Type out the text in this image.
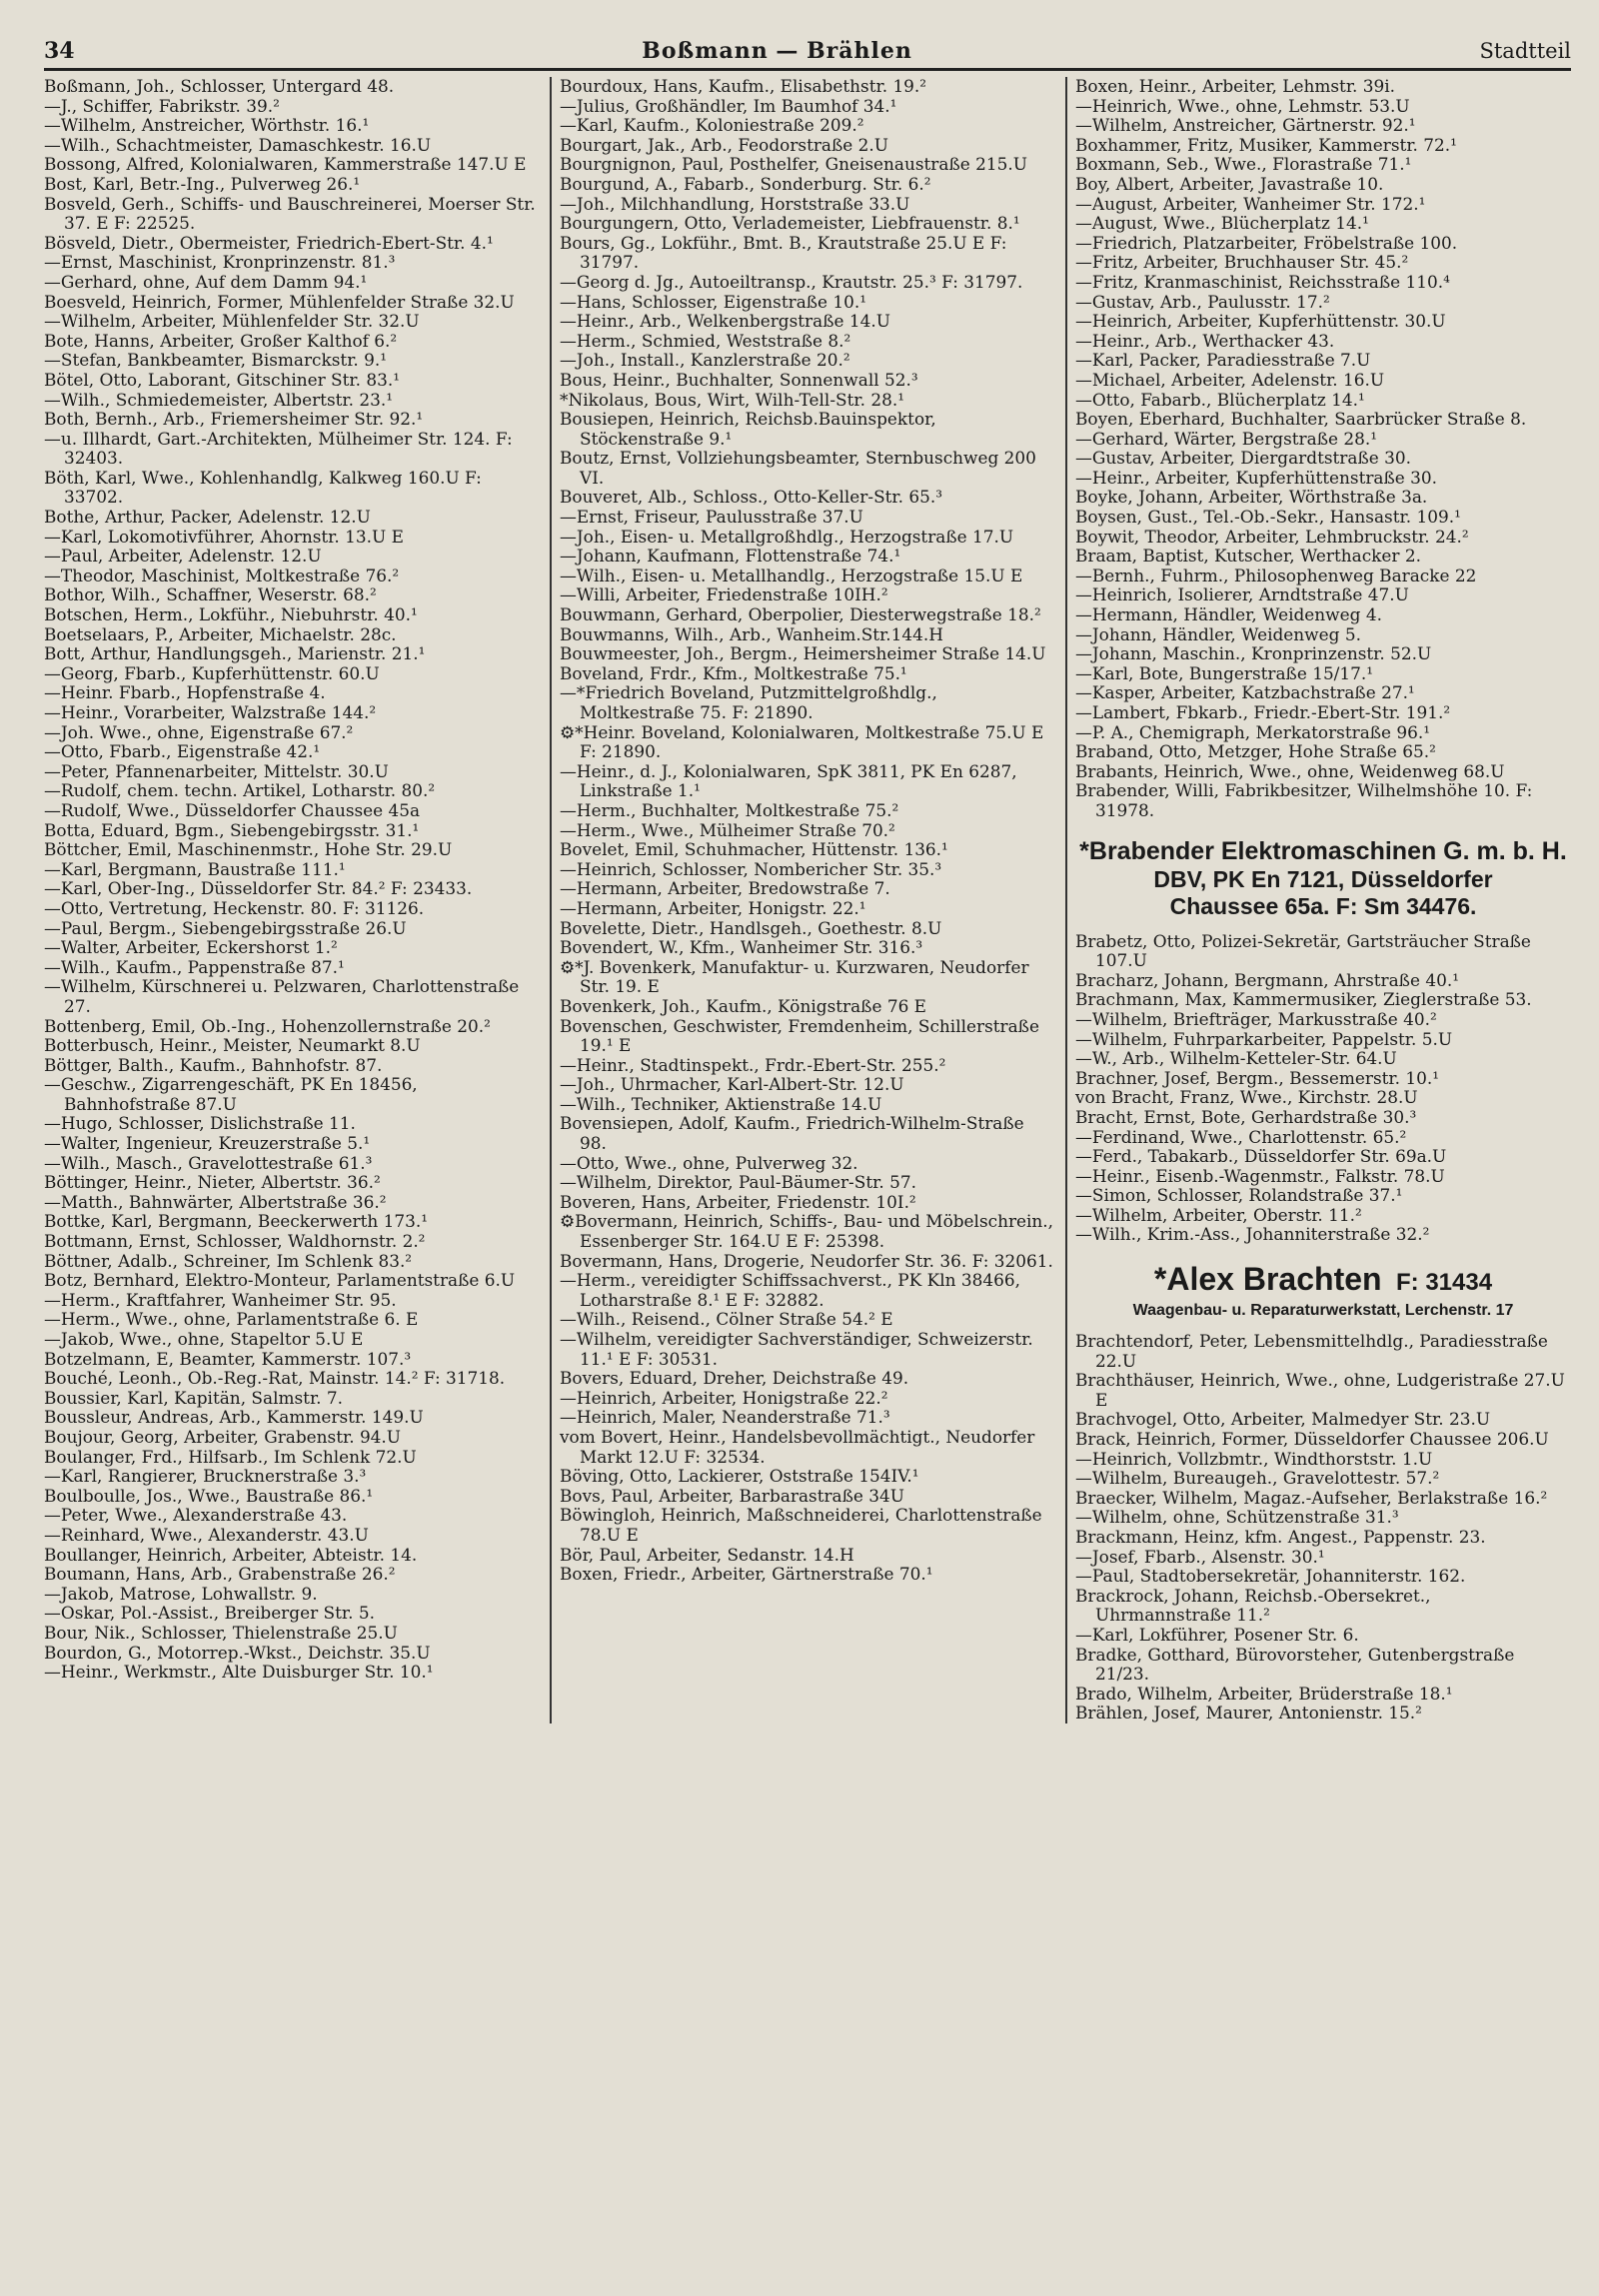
34	Boßmann — Brählen	Stadtteil
Boßmann, Joh., Schlosser, Untergard 48.
—J., Schiffer, Fabrikstr. 39.²
—Wilhelm, Anstreicher, Wörthstr. 16.¹
—Wilh., Schachtmeister, Damaschkestr. 16.U
Bossong, Alfred, Kolonialwaren, Kammerstraße 147.U E
Bost, Karl, Betr.-Ing., Pulverweg 26.¹
Bosveld, Gerh., Schiffs- und Bauschreinerei, Moerser Str. 37. E F: 22525.
Bösveld, Dietr., Obermeister, Friedrich-Ebert-Str. 4.¹
—Ernst, Maschinist, Kronprinzenstr. 81.³
—Gerhard, ohne, Auf dem Damm 94.¹
Boesveld, Heinrich, Former, Mühlenfelder Straße 32.U
—Wilhelm, Arbeiter, Mühlenfelder Str. 32.U
Bote, Hanns, Arbeiter, Großer Kalthof 6.²
—Stefan, Bankbeamter, Bismarckstr. 9.¹
Bötel, Otto, Laborant, Gitschiner Str. 83.¹
—Wilh., Schmiedemeister, Albertstr. 23.¹
Both, Bernh., Arb., Friemersheimer Str. 92.¹
—u. Illhardt, Gart.-Architekten, Mülheimer Str. 124. F: 32403.
Böth, Karl, Wwe., Kohlenhandlg, Kalkweg 160.U F: 33702.
Bothe, Arthur, Packer, Adelenstr. 12.U
—Karl, Lokomotivführer, Ahornstr. 13.U E
—Paul, Arbeiter, Adelenstr. 12.U
—Theodor, Maschinist, Moltkestraße 76.²
Bothor, Wilh., Schaffner, Weserstr. 68.²
Botschen, Herm., Lokführ., Niebuhrstr. 40.¹
Boetselaars, P., Arbeiter, Michaelstr. 28c.
Bott, Arthur, Handlungsgeh., Marienstr. 21.¹
—Georg, Fbarb., Kupferhüttenstr. 60.U
—Heinr. Fbarb., Hopfenstraße 4.
—Heinr., Vorarbeiter, Walzstraße 144.²
—Joh. Wwe., ohne, Eigenstraße 67.²
—Otto, Fbarb., Eigenstraße 42.¹
—Peter, Pfannenarbeiter, Mittelstr. 30.U
—Rudolf, chem. techn. Artikel, Lotharstr. 80.²
—Rudolf, Wwe., Düsseldorfer Chaussee 45a
Botta, Eduard, Bgm., Siebengebirgsstr. 31.¹
Böttcher, Emil, Maschinenmstr., Hohe Str. 29.U
—Karl, Bergmann, Baustraße 111.¹
—Karl, Ober-Ing., Düsseldorfer Str. 84.² F: 23433.
—Otto, Vertretung, Heckenstr. 80. F: 31126.
—Paul, Bergm., Siebengebirgsstraße 26.U
—Walter, Arbeiter, Eckershorst 1.²
—Wilh., Kaufm., Pappenstraße 87.¹
—Wilhelm, Kürschnerei u. Pelzwaren, Charlottenstraße 27.
Bottenberg, Emil, Ob.-Ing., Hohenzollernstraße 20.²
Botterbusch, Heinr., Meister, Neumarkt 8.U
Böttger, Balth., Kaufm., Bahnhofstr. 87.
—Geschw., Zigarrengeschäft, PK En 18456, Bahnhofstraße 87.U
—Hugo, Schlosser, Dislichstraße 11.
—Walter, Ingenieur, Kreuzerstraße 5.¹
—Wilh., Masch., Gravelottestraße 61.³
Böttinger, Heinr., Nieter, Albertstr. 36.²
—Matth., Bahnwärter, Albertstraße 36.²
Bottke, Karl, Bergmann, Beeckerwerth 173.¹
Bottmann, Ernst, Schlosser, Waldhornstr. 2.²
Böttner, Adalb., Schreiner, Im Schlenk 83.²
Botz, Bernhard, Elektro-Monteur, Parlamentstraße 6.U
—Herm., Kraftfahrer, Wanheimer Str. 95.
—Herm., Wwe., ohne, Parlamentstraße 6. E
—Jakob, Wwe., ohne, Stapeltor 5.U E
Botzelmann, E, Beamter, Kammerstr. 107.³
Bouché, Leonh., Ob.-Reg.-Rat, Mainstr. 14.² F: 31718.
Boussier, Karl, Kapitän, Salmstr. 7.
Boussleur, Andreas, Arb., Kammerstr. 149.U
Boujour, Georg, Arbeiter, Grabenstr. 94.U
Boulanger, Frd., Hilfsarb., Im Schlenk 72.U
—Karl, Rangierer, Brucknerstraße 3.³
Boulboulle, Jos., Wwe., Baustraße 86.¹
—Peter, Wwe., Alexanderstraße 43.
—Reinhard, Wwe., Alexanderstr. 43.U
Boullanger, Heinrich, Arbeiter, Abteistr. 14.
Boumann, Hans, Arb., Grabenstraße 26.²
—Jakob, Matrose, Lohwallstr. 9.
—Oskar, Pol.-Assist., Breiberger Str. 5.
Bour, Nik., Schlosser, Thielenstraße 25.U
Bourdon, G., Motorrep.-Wkst., Deichstr. 35.U
—Heinr., Werkmstr., Alte Duisburger Str. 10.¹
Bourdoux, Hans, Kaufm., Elisabethstr. 19.²
—Julius, Großhändler, Im Baumhof 34.¹
—Karl, Kaufm., Koloniestraße 209.²
Bourgart, Jak., Arb., Feodorstraße 2.U
Bourgnignon, Paul, Posthelfer, Gneisenaustraße 215.U
Bourgund, A., Fabarb., Sonderburg. Str. 6.²
—Joh., Milchhandlung, Horststraße 33.U
Bourgungern, Otto, Verlademeister, Liebfrauenstr. 8.¹
Bours, Gg., Lokführ., Bmt. B., Krautstraße 25.U E F: 31797.
—Georg d. Jg., Autoeiltransp., Krautstr. 25.³ F: 31797.
—Hans, Schlosser, Eigenstraße 10.¹
—Heinr., Arb., Welkenbergstraße 14.U
—Herm., Schmied, Weststraße 8.²
—Joh., Install., Kanzlerstraße 20.²
Bous, Heinr., Buchhalter, Sonnenwall 52.³
*Nikolaus, Bous, Wirt, Wilh-Tell-Str. 28.¹
Bousiepen, Heinrich, Reichsb.Bauinspektor, Stöckenstraße 9.¹
Boutz, Ernst, Vollziehungsbeamter, Sternbuschweg 200 VI.
Bouveret, Alb., Schloss., Otto-Keller-Str. 65.³
—Ernst, Friseur, Paulusstraße 37.U
—Joh., Eisen- u. Metallgroßhdlg., Herzogstraße 17.U
—Johann, Kaufmann, Flottenstraße 74.¹
—Wilh., Eisen- u. Metallhandlg., Herzogstraße 15.U E
—Willi, Arbeiter, Friedenstraße 10IH.²
Bouwmann, Gerhard, Oberpolier, Diesterwegstraße 18.²
Bouwmanns, Wilh., Arb., Wanheim.Str.144.H
Bouwmeester, Joh., Bergm., Heimersheimer Straße 14.U
Boveland, Frdr., Kfm., Moltkestraße 75.¹
—*Friedrich Boveland, Putzmittelgroßhdlg., Moltkestraße 75. F: 21890.
⚙*Heinr. Boveland, Kolonialwaren, Moltkestraße 75.U E F: 21890.
—Heinr., d. J., Kolonialwaren, SpK 3811, PK En 6287, Linkstraße 1.¹
—Herm., Buchhalter, Moltkestraße 75.²
—Herm., Wwe., Mülheimer Straße 70.²
Bovelet, Emil, Schuhmacher, Hüttenstr. 136.¹
—Heinrich, Schlosser, Nombericher Str. 35.³
—Hermann, Arbeiter, Bredowstraße 7.
—Hermann, Arbeiter, Honigstr. 22.¹
Bovelette, Dietr., Handlsgeh., Goethestr. 8.U
Bovendert, W., Kfm., Wanheimer Str. 316.³
⚙*J. Bovenkerk, Manufaktur- u. Kurzwaren, Neudorfer Str. 19. E
Bovenkerk, Joh., Kaufm., Königstraße 76 E
Bovenschen, Geschwister, Fremdenheim, Schillerstraße 19.¹ E
—Heinr., Stadtinspekt., Frdr.-Ebert-Str. 255.²
—Joh., Uhrmacher, Karl-Albert-Str. 12.U
—Wilh., Techniker, Aktienstraße 14.U
Bovensiepen, Adolf, Kaufm., Friedrich-Wilhelm-Straße 98.
—Otto, Wwe., ohne, Pulverweg 32.
—Wilhelm, Direktor, Paul-Bäumer-Str. 57.
Boveren, Hans, Arbeiter, Friedenstr. 10I.²
⚙Bovermann, Heinrich, Schiffs-, Bau- und Möbelschrein., Essenberger Str. 164.U E F: 25398.
Bovermann, Hans, Drogerie, Neudorfer Str. 36. F: 32061.
—Herm., vereidigter Schiffssachverst., PK Kln 38466, Lotharstraße 8.¹ E F: 32882.
—Wilh., Reisend., Cölner Straße 54.² E
—Wilhelm, vereidigter Sachverständiger, Schweizerstr. 11.¹ E F: 30531.
Bovers, Eduard, Dreher, Deichstraße 49.
—Heinrich, Arbeiter, Honigstraße 22.²
—Heinrich, Maler, Neanderstraße 71.³
vom Bovert, Heinr., Handelsbevollmächtigt., Neudorfer Markt 12.U F: 32534.
Böving, Otto, Lackierer, Oststraße 154IV.¹
Bovs, Paul, Arbeiter, Barbarastraße 34U
Böwingloh, Heinrich, Maßschneiderei, Charlottenstraße 78.U E
Bör, Paul, Arbeiter, Sedanstr. 14.H
Boxen, Friedr., Arbeiter, Gärtnerstraße 70.¹
Boxen, Heinr., Arbeiter, Lehmstr. 39i.
—Heinrich, Wwe., ohne, Lehmstr. 53.U
—Wilhelm, Anstreicher, Gärtnerstr. 92.¹
Boxhammer, Fritz, Musiker, Kammerstr. 72.¹
Boxmann, Seb., Wwe., Florastraße 71.¹
Boy, Albert, Arbeiter, Javastraße 10.
—August, Arbeiter, Wanheimer Str. 172.¹
—August, Wwe., Blücherplatz 14.¹
—Friedrich, Platzarbeiter, Fröbelstraße 100.
—Fritz, Arbeiter, Bruchhauser Str. 45.²
—Fritz, Kranmaschinist, Reichsstraße 110.⁴
—Gustav, Arb., Paulusstr. 17.²
—Heinrich, Arbeiter, Kupferhüttenstr. 30.U
—Heinr., Arb., Werthacker 43.
—Karl, Packer, Paradiesstraße 7.U
—Michael, Arbeiter, Adelenstr. 16.U
—Otto, Fabarb., Blücherplatz 14.¹
Boyen, Eberhard, Buchhalter, Saarbrücker Straße 8.
—Gerhard, Wärter, Bergstraße 28.¹
—Gustav, Arbeiter, Diergardtstraße 30.
—Heinr., Arbeiter, Kupferhüttenstraße 30.
Boyke, Johann, Arbeiter, Wörthstraße 3a.
Boysen, Gust., Tel.-Ob.-Sekr., Hansastr. 109.¹
Boywit, Theodor, Arbeiter, Lehmbruckstr. 24.²
Braam, Baptist, Kutscher, Werthacker 2.
—Bernh., Fuhrm., Philosophenweg Baracke 22
—Heinrich, Isolierer, Arndtstraße 47.U
—Hermann, Händler, Weidenweg 4.
—Johann, Händler, Weidenweg 5.
—Johann, Maschin., Kronprinzenstr. 52.U
—Karl, Bote, Bungerstraße 15/17.¹
—Kasper, Arbeiter, Katzbachstraße 27.¹
—Lambert, Fbkarb., Friedr.-Ebert-Str. 191.²
—P. A., Chemigraph, Merkatorstraße 96.¹
Braband, Otto, Metzger, Hohe Straße 65.²
Brabants, Heinrich, Wwe., ohne, Weidenweg 68.U
Brabender, Willi, Fabrikbesitzer, Wilhelmshöhe 10. F: 31978.
*Brabender Elektromaschinen G. m. b. H.
DBV, PK En 7121, Düsseldorfer
Chaussee 65a. F: Sm 34476.
Brabetz, Otto, Polizei-Sekretär, Gartsträucher Straße 107.U
Bracharz, Johann, Bergmann, Ahrstraße 40.¹
Brachmann, Max, Kammermusiker, Zieglerstraße 53.
—Wilhelm, Briefträger, Markusstraße 40.²
—Wilhelm, Fuhrparkarbeiter, Pappelstr. 5.U
—W., Arb., Wilhelm-Ketteler-Str. 64.U
Brachner, Josef, Bergm., Bessemerstr. 10.¹
von Bracht, Franz, Wwe., Kirchstr. 28.U
Bracht, Ernst, Bote, Gerhardstraße 30.³
—Ferdinand, Wwe., Charlottenstr. 65.²
—Ferd., Tabakarb., Düsseldorfer Str. 69a.U
—Heinr., Eisenb.-Wagenmstr., Falkstr. 78.U
—Simon, Schlosser, Rolandstraße 37.¹
—Wilhelm, Arbeiter, Oberstr. 11.²
—Wilh., Krim.-Ass., Johanniterstraße 32.²
*Alex Brachten F: 31434
Waagenbau- u. Reparaturwerkstatt, Lerchenstr. 17
Brachtendorf, Peter, Lebensmittelhdlg., Paradiesstraße 22.U
Brachthäuser, Heinrich, Wwe., ohne, Ludgeristraße 27.U E
Brachvogel, Otto, Arbeiter, Malmedyer Str. 23.U
Brack, Heinrich, Former, Düsseldorfer Chaussee 206.U
—Heinrich, Vollzbmtr., Windthorststr. 1.U
—Wilhelm, Bureaugeh., Gravelottestr. 57.²
Braecker, Wilhelm, Magaz.-Aufseher, Berlakstraße 16.²
—Wilhelm, ohne, Schützenstraße 31.³
Brackmann, Heinz, kfm. Angest., Pappenstr. 23.
—Josef, Fbarb., Alsenstr. 30.¹
—Paul, Stadtobersekretär, Johanniterstr. 162.
Brackrock, Johann, Reichsb.-Obersekret., Uhrmannstraße 11.²
—Karl, Lokführer, Posener Str. 6.
Bradke, Gotthard, Bürovorsteher, Gutenbergstraße 21/23.
Brado, Wilhelm, Arbeiter, Brüderstraße 18.¹
Brählen, Josef, Maurer, Antonienstr. 15.²
